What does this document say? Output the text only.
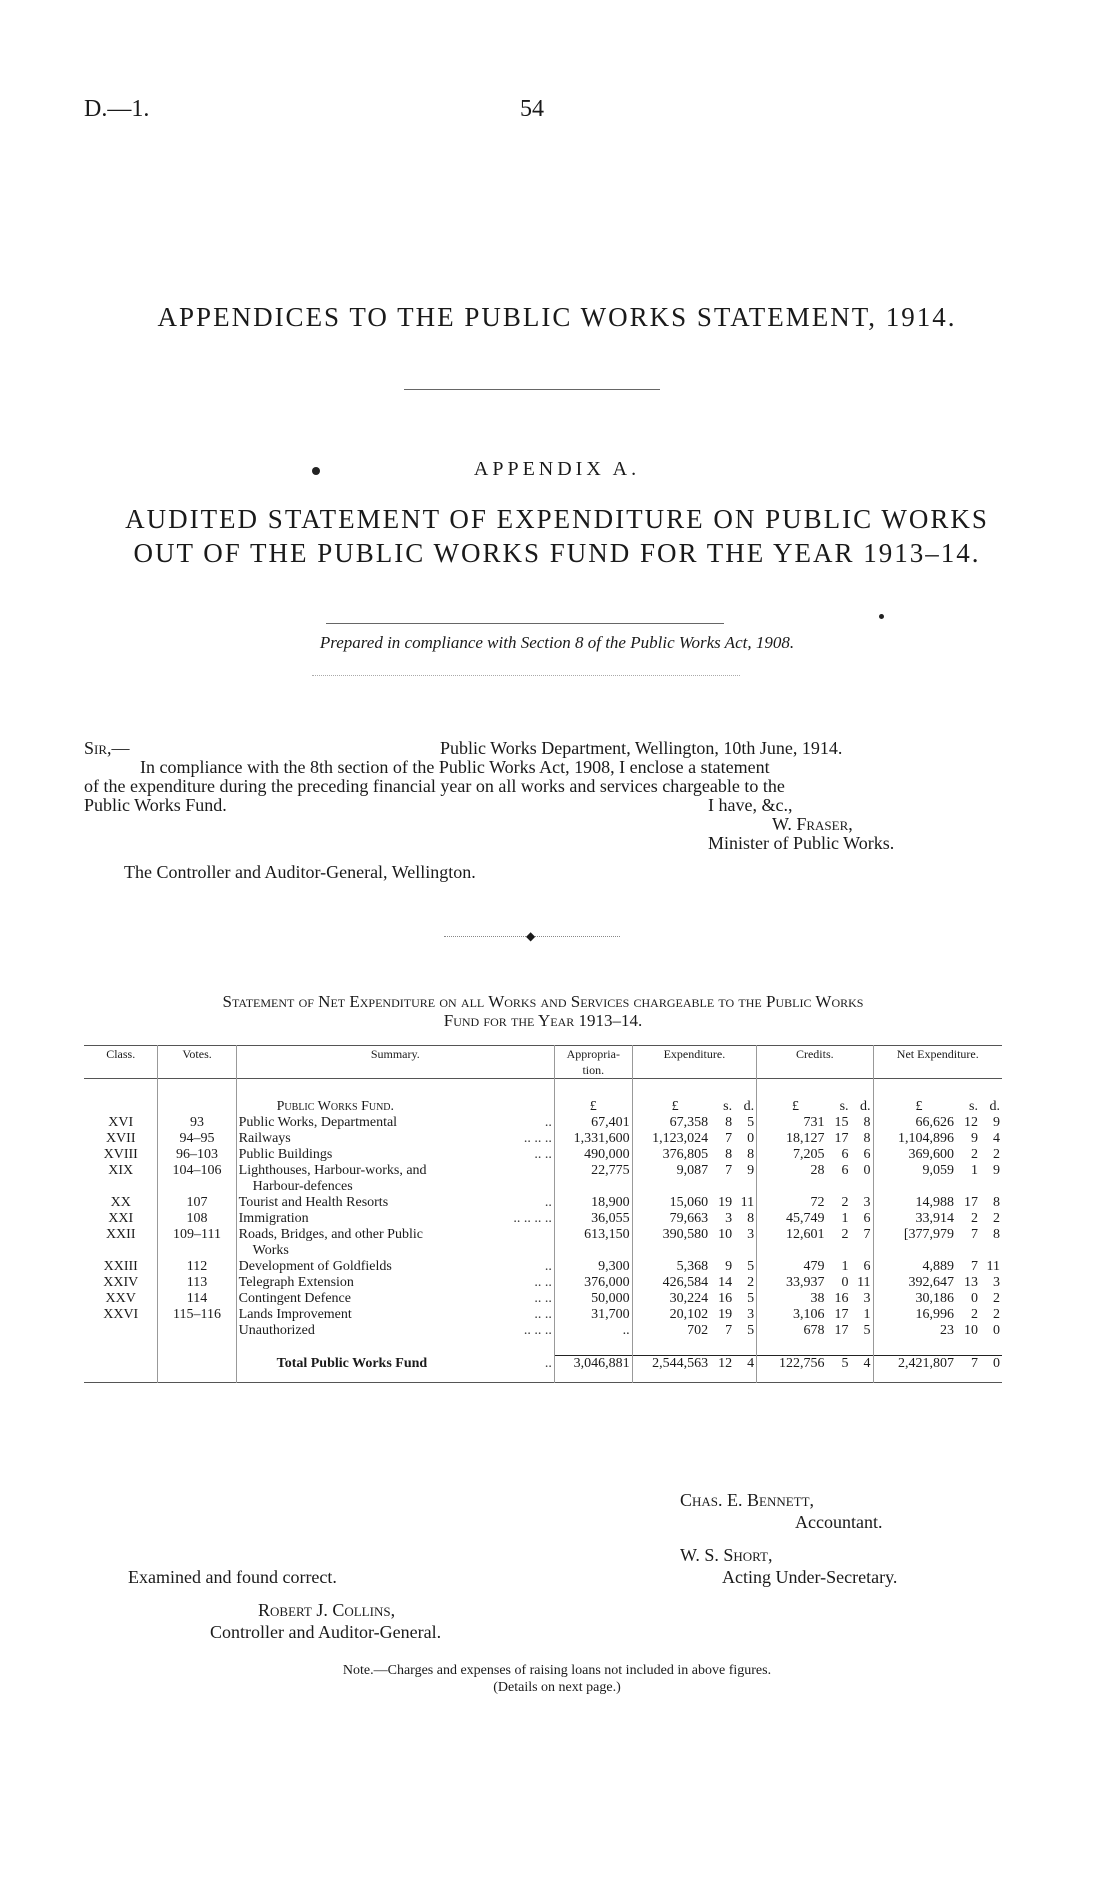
D.—1.	54
APPENDICES TO THE PUBLIC WORKS STATEMENT, 1914.
APPENDIX A.
AUDITED STATEMENT OF EXPENDITURE ON PUBLIC WORKS
OUT OF THE PUBLIC WORKS FUND FOR THE YEAR 1913–14.
Prepared in compliance with Section 8 of the Public Works Act, 1908.
Sir,—	Public Works Department, Wellington, 10th June, 1914.
In compliance with the 8th section of the Public Works Act, 1908, I enclose a statement
of the expenditure during the preceding financial year on all works and services chargeable to the
Public Works Fund.	I have, &c.,
W. Fraser,
Minister of Public Works.
The Controller and Auditor-General, Wellington.
◆
Statement of Net Expenditure on all Works and Services chargeable to the Public Works
Fund for the Year 1913–14.
Class.	Votes.	Summary.	Appropria-
tion.	Expenditure.	Credits.	Net Expenditure.

		Public Works Fund.	£	£ s. d.	£ s. d.	£ s. d.
XVI	93	Public Works, Departmental ..	67,401	67,358 8 5	731 15 8	66,626 12 9
XVII	94–95	Railways .. .. ..	1,331,600	1,123,024 7 0	18,127 17 8	1,104,896 9 4
XVIII	96–103	Public Buildings .. ..	490,000	376,805 8 8	7,205 6 6	369,600 2 2
XIX	104–106	Lighthouses, Harbour-works, and
Harbour-defences	22,775	9,087 7 9	28 6 0	9,059 1 9
XX	107	Tourist and Health Resorts ..	18,900	15,060 19 11	72 2 3	14,988 17 8
XXI	108	Immigration .. .. .. ..	36,055	79,663 3 8	45,749 1 6	33,914 2 2
XXII	109–111	Roads, Bridges, and other Public
Works	613,150	390,580 10 3	12,601 2 7	[377,979 7 8
XXIII	112	Development of Goldfields ..	9,300	5,368 9 5	479 1 6	4,889 7 11
XXIV	113	Telegraph Extension .. ..	376,000	426,584 14 2	33,937 0 11	392,647 13 3
XXV	114	Contingent Defence .. ..	50,000	30,224 16 5	38 16 3	30,186 0 2
XXVI	115–116	Lands Improvement .. ..	31,700	20,102 19 3	3,106 17 1	16,996 2 2

		Unauthorized .. .. ..	..	702 7 5	678 17 5	23 10 0

		Total Public Works Fund ..	3,046,881	2,544,563 12 4	122,756 5 4	2,421,807 7 0
Chas. E. Bennett,
Accountant.
W. S. Short,
Acting Under-Secretary.
Examined and found correct.
Robert J. Collins,
Controller and Auditor-General.
Note.—Charges and expenses of raising loans not included in above figures.
(Details on next page.)
